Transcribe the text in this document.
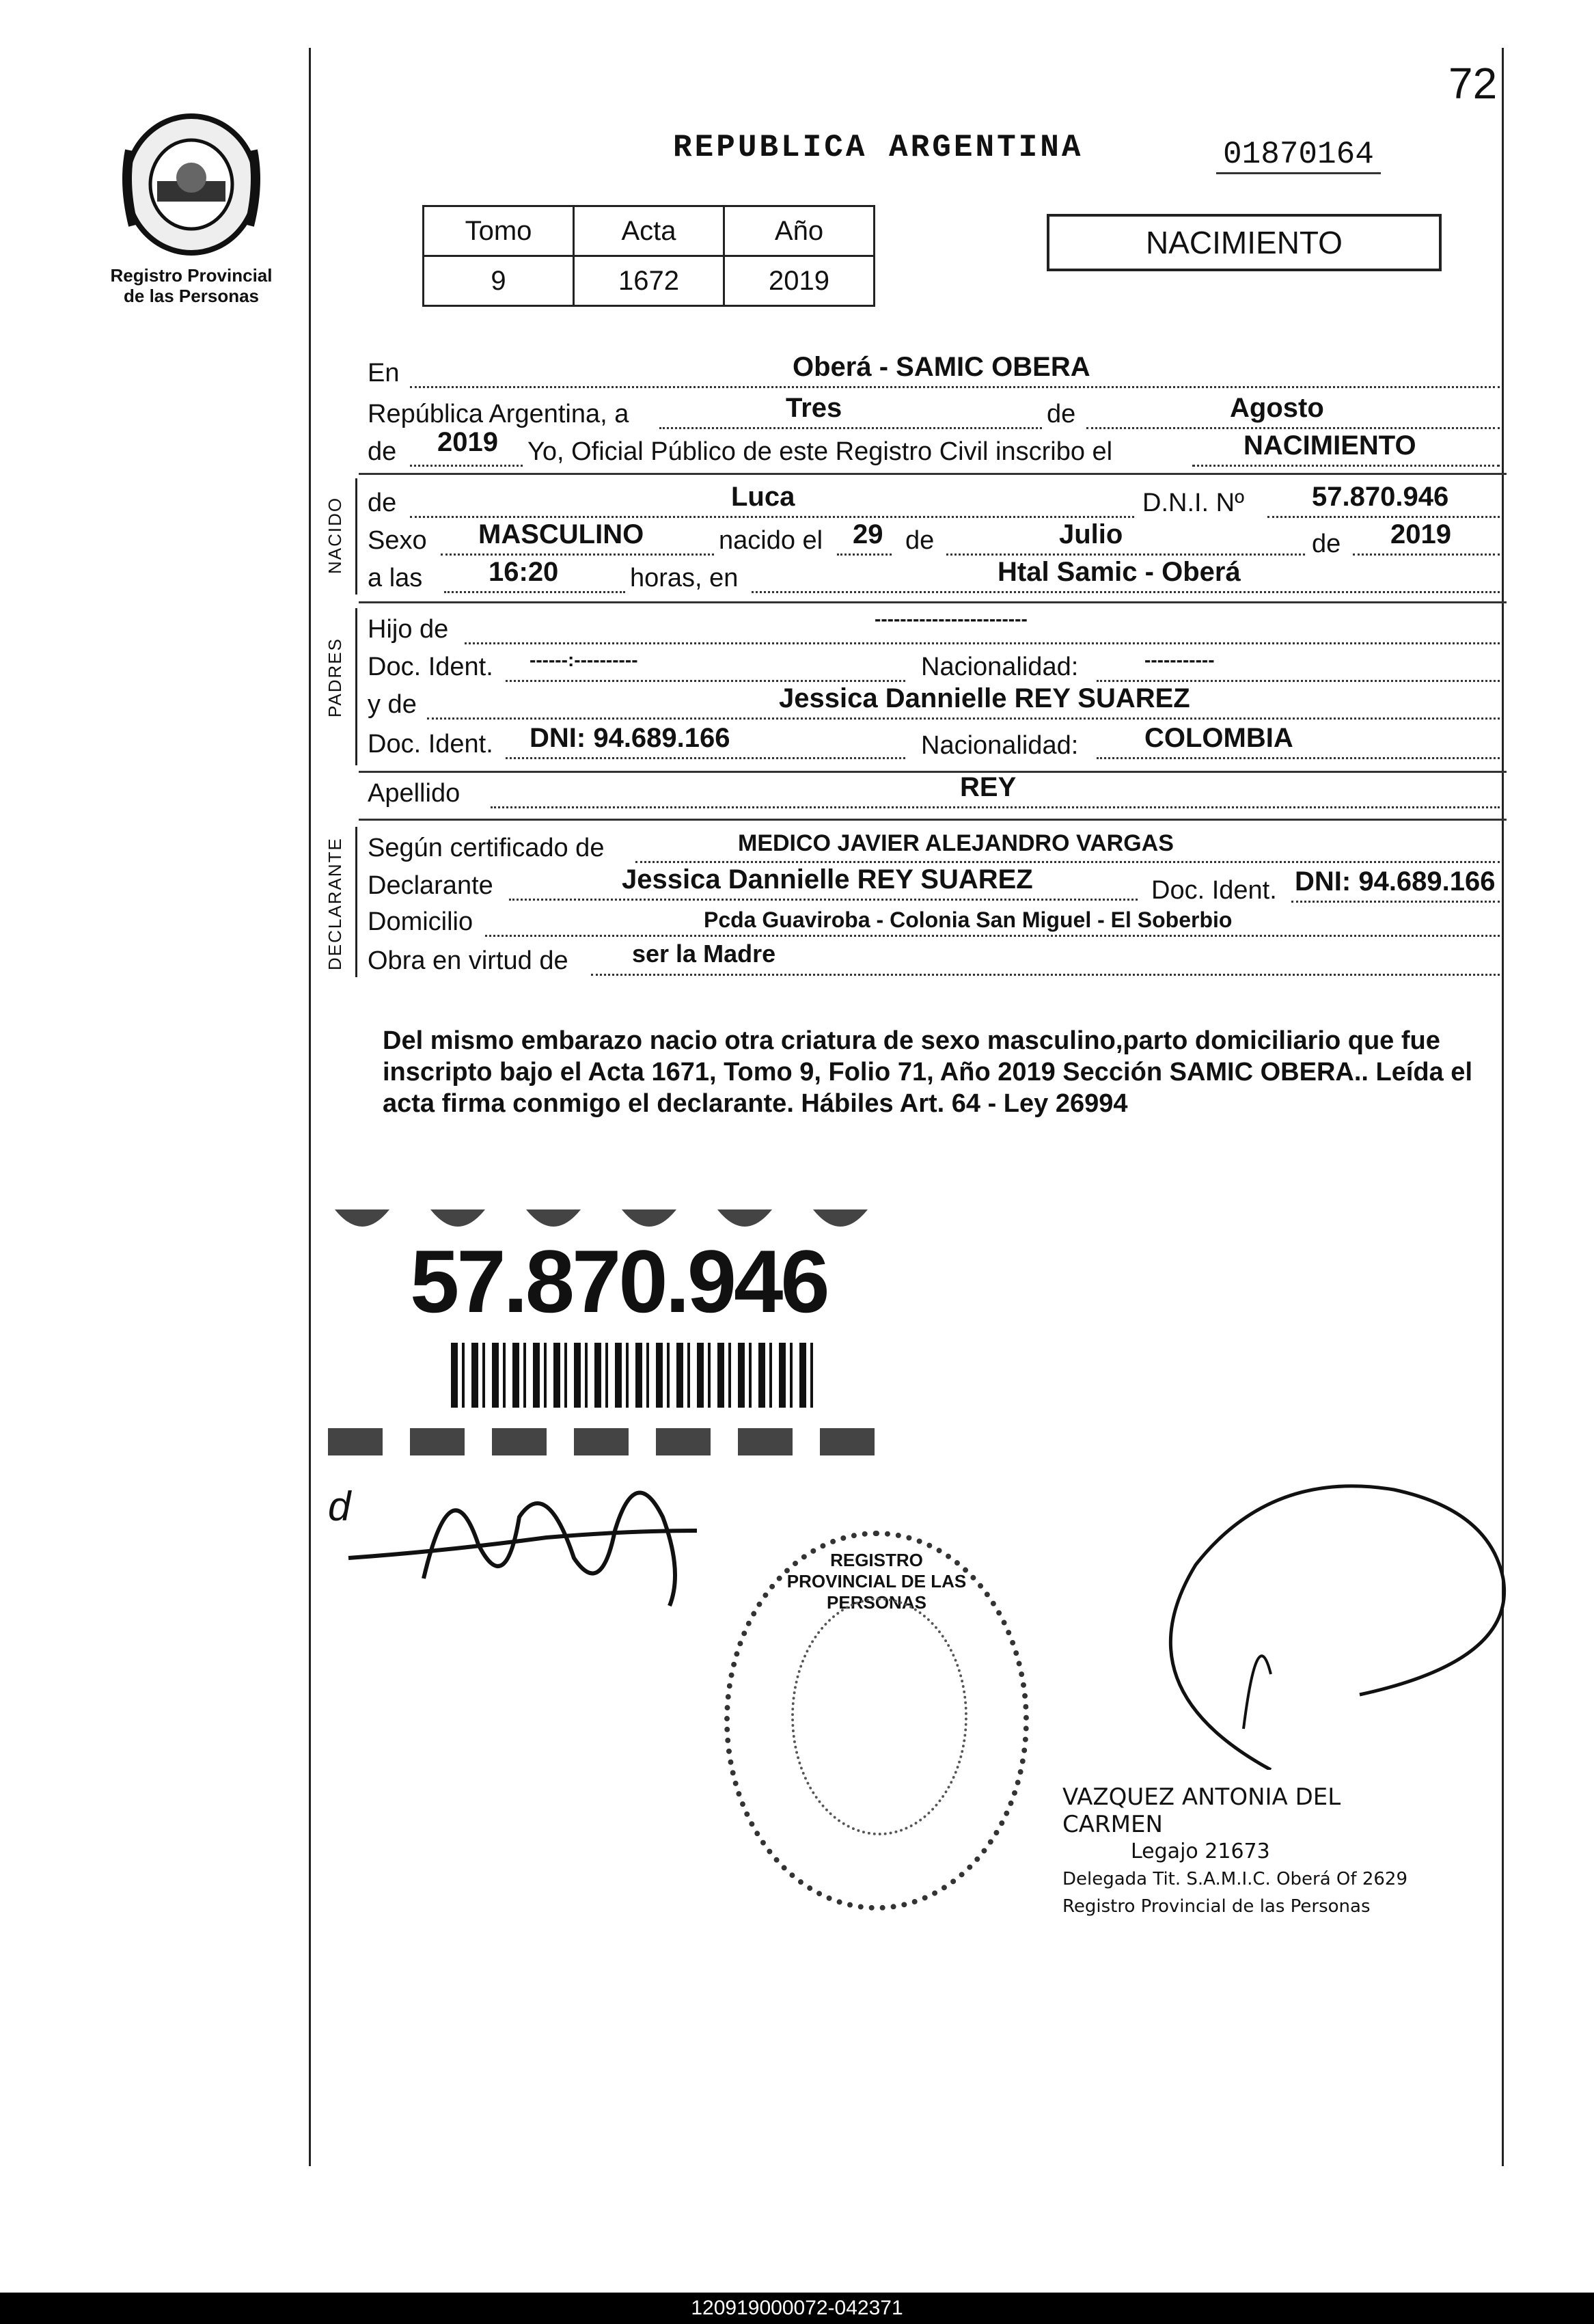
72
Registro Provincial
de las Personas
REPUBLICA ARGENTINA	01870164
NACIMIENTO
Tomo	Acta	Año
9	1672	2019
En	Oberá - SAMIC OBERA
República Argentina, a	Tres	de	Agosto
de 2019 Yo, Oficial Público de este Registro Civil inscribo el	NACIMIENTO
NACIDO de	Luca	D.N.I. Nº 57.870.946
Sexo MASCULINO	nacido el 29 de	Julio	de 2019
a las 16:20	horas, en	Htal Samic - Oberá
PADRES
Hijo de	------------------------
Doc. Ident. ------:----------	Nacionalidad:	-----------
y de	Jessica Dannielle REY SUAREZ
Doc. Ident. DNI: 94.689.166	Nacionalidad: COLOMBIA
Apellido	REY
DECLARANTE Según certificado de	MEDICO JAVIER ALEJANDRO VARGAS
Declarante	Jessica Dannielle REY SUAREZ	Doc. Ident. DNI: 94.689.166
Domicilio	Pcda Guaviroba - Colonia San Miguel - El Soberbio
Obra en virtud de	ser la Madre
Del mismo embarazo nacio otra criatura de sexo masculino,parto domiciliario que fue inscripto bajo el Acta 1671, Tomo 9, Folio 71, Año 2019 Sección SAMIC OBERA.. Leída el acta firma conmigo el declarante. Hábiles Art. 64 - Ley 26994
57.870.946
d
REGISTRO PROVINCIAL DE LAS PERSONAS
VAZQUEZ ANTONIA DEL CARMEN
Legajo 21673
Delegada Tit. S.A.M.I.C. Oberá Of 2629
Registro Provincial de las Personas
120919000072-042371
